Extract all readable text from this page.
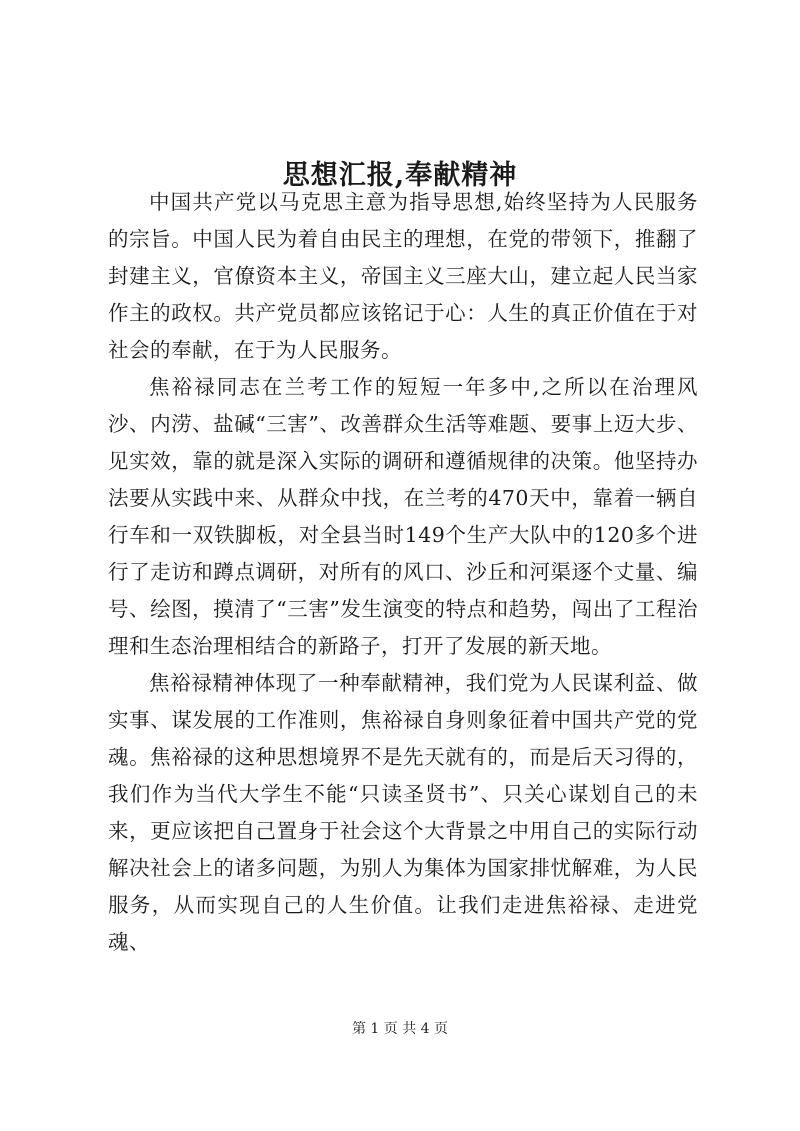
思想汇报,奉献精神

中国共产党以马克思主意为指导思想,始终坚持为人民服务的宗旨。中国人民为着自由民主的理想，在党的带领下，推翻了封建主义，官僚资本主义，帝国主义三座大山，建立起人民当家作主的政权。共产党员都应该铭记于心：人生的真正价值在于对社会的奉献，在于为人民服务。

焦裕禄同志在兰考工作的短短一年多中,之所以在治理风沙、内涝、盐碱“三害”、改善群众生活等难题、要事上迈大步、见实效，靠的就是深入实际的调研和遵循规律的决策。他坚持办法要从实践中来、从群众中找，在兰考的470天中，靠着一辆自行车和一双铁脚板，对全县当时149个生产大队中的120多个进行了走访和蹲点调研，对所有的风口、沙丘和河渠逐个丈量、编号、绘图，摸清了“三害”发生演变的特点和趋势，闯出了工程治理和生态治理相结合的新路子，打开了发展的新天地。

焦裕禄精神体现了一种奉献精神，我们党为人民谋利益、做实事、谋发展的工作准则，焦裕禄自身则象征着中国共产党的党魂。焦裕禄的这种思想境界不是先天就有的，而是后天习得的，我们作为当代大学生不能“只读圣贤书”、只关心谋划自己的未来，更应该把自己置身于社会这个大背景之中用自己的实际行动解决社会上的诸多问题，为别人为集体为国家排忧解难，为人民服务，从而实现自己的人生价值。让我们走进焦裕禄、走进党魂、

第 1 页 共 4 页
